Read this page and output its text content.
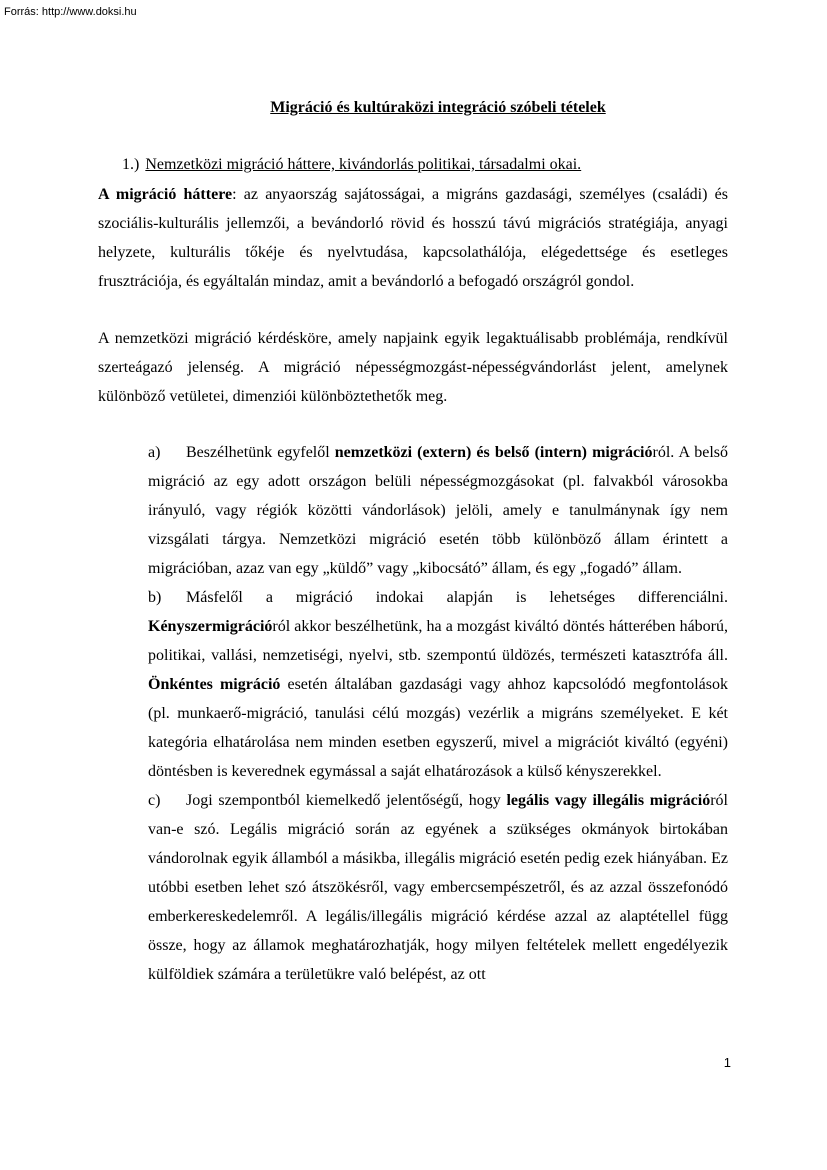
Forrás: http://www.doksi.hu
Migráció és kultúraközi integráció szóbeli tételek
1.) Nemzetközi migráció háttere, kivándorlás politikai, társadalmi okai.
A migráció háttere: az anyaország sajátosságai, a migráns gazdasági, személyes (családi) és szociális-kulturális jellemzői, a bevándorló rövid és hosszú távú migrációs stratégiája, anyagi helyzete, kulturális tőkéje és nyelvtudása, kapcsolathálója, elégedettsége és esetleges frusztrációja, és egyáltalán mindaz, amit a bevándorló a befogadó országról gondol.
A nemzetközi migráció kérdésköre, amely napjaink egyik legaktuálisabb problémája, rendkívül szerteágazó jelenség. A migráció népességmozgást-népességvándorlást jelent, amelynek különböző vetületei, dimenziói különböztethetők meg.

a) Beszélhetünk egyfelől nemzetközi (extern) és belső (intern) migrációról. A belső migráció az egy adott országon belüli népességmozgásokat (pl. falvakból városokba irányuló, vagy régiók közötti vándorlások) jelöli, amely e tanulmánynak így nem vizsgálati tárgya. Nemzetközi migráció esetén több különböző állam érintett a migrációban, azaz van egy „küldő” vagy „kibocsátó” állam, és egy „fogadó” állam.

b) Másfelől a migráció indokai alapján is lehetséges differenciálni. Kényszermigrációról akkor beszélhetünk, ha a mozgást kiváltó döntés hátterében háború, politikai, vallási, nemzetiségi, nyelvi, stb. szempontú üldözés, természeti katasztrófa áll. Önkéntes migráció esetén általában gazdasági vagy ahhoz kapcsolódó megfontolások (pl. munkaerő-migráció, tanulási célú mozgás) vezérlik a migráns személyeket. E két kategória elhatárolása nem minden esetben egyszerű, mivel a migrációt kiváltó (egyéni) döntésben is keverednek egymással a saját elhatározások a külső kényszerekkel.

c) Jogi szempontból kiemelkedő jelentőségű, hogy legális vagy illegális migrációról van-e szó. Legális migráció során az egyének a szükséges okmányok birtokában vándorolnak egyik államból a másikba, illegális migráció esetén pedig ezek hiányában. Ez utóbbi esetben lehet szó átszökésről, vagy embercsempészetről, és az azzal összefonódó emberkereskedelemről. A legális/illegális migráció kérdése azzal az alaptétellel függ össze, hogy az államok meghatározhatják, hogy milyen feltételek mellett engedélyezik külföldiek számára a területükre való belépést, az ott

1
